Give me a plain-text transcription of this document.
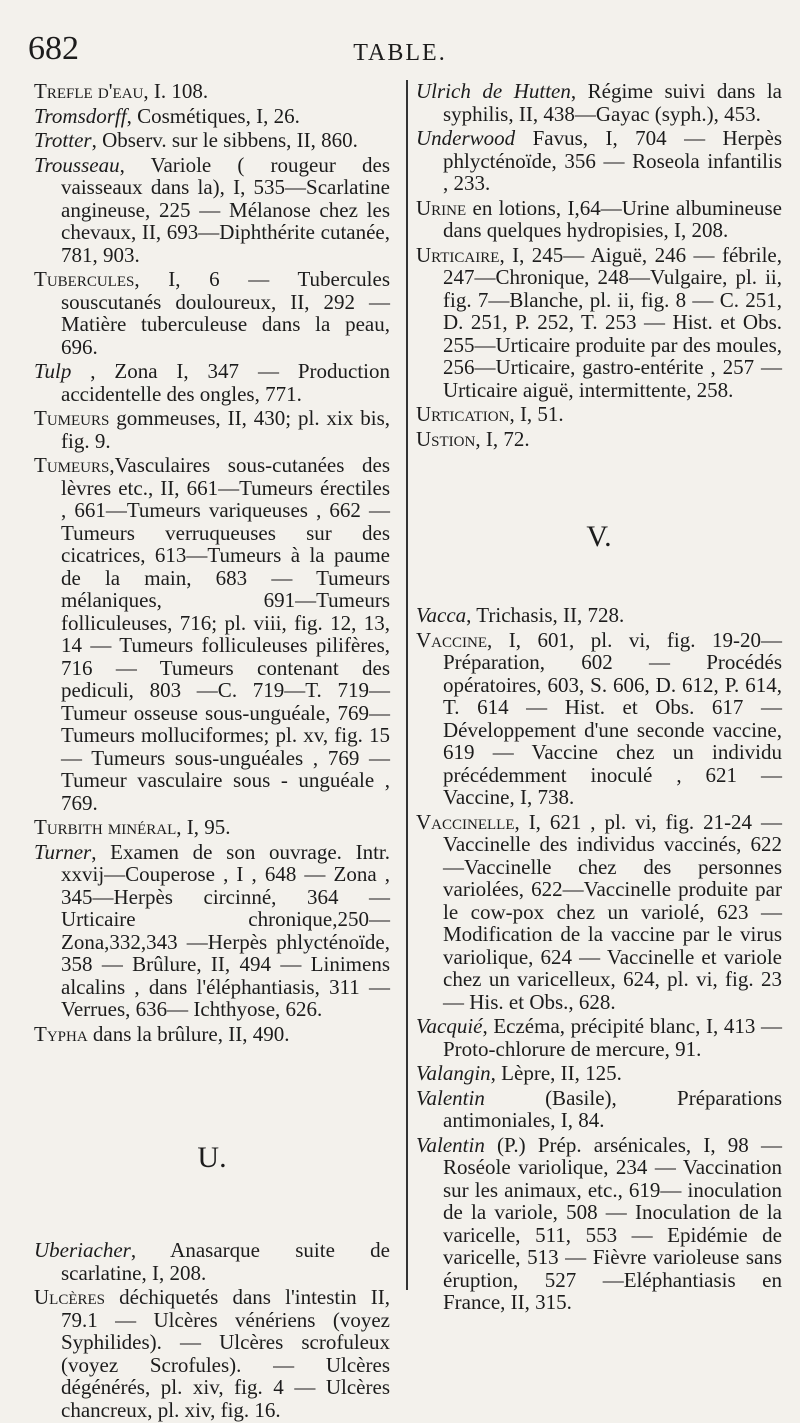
682	TABLE.
Trefle d'eau, I. 108.
Tromsdorff, Cosmétiques, I, 26.
Trotter, Observ. sur le sibbens, II, 860.
Trousseau, Variole ( rougeur des vaisseaux dans la), I, 535—Scarlatine angineuse, 225 — Mélanose chez les chevaux, II, 693—Diphthérite cutanée, 781, 903.
Tubercules, I, 6 — Tubercules souscutanés douloureux, II, 292 — Matière tuberculeuse dans la peau, 696.
Tulp , Zona I, 347 — Production accidentelle des ongles, 771.
Tumeurs gommeuses, II, 430; pl. xix bis, fig. 9.
Tumeurs,Vasculaires sous-cutanées des lèvres etc., II, 661—Tumeurs érectiles , 661—Tumeurs variqueuses , 662 —Tumeurs verruqueuses sur des cicatrices, 613—Tumeurs à la paume de la main, 683 — Tumeurs mélaniques, 691—Tumeurs folliculeuses, 716; pl. viii, fig. 12, 13, 14 — Tumeurs folliculeuses pilifères, 716 — Tumeurs contenant des pediculi, 803 —C. 719—T. 719—Tumeur osseuse sous-unguéale, 769—Tumeurs molluciformes; pl. xv, fig. 15 — Tumeurs sous-unguéales , 769 — Tumeur vasculaire sous - unguéale , 769.
Turbith minéral, I, 95.
Turner, Examen de son ouvrage. Intr. xxvij—Couperose , I , 648 — Zona , 345—Herpès circinné, 364 — Urticaire chronique,250—Zona,332,343 —Herpès phlycténoïde, 358 — Brûlure, II, 494 — Linimens alcalins , dans l'éléphantiasis, 311 — Verrues, 636— Ichthyose, 626.
Typha dans la brûlure, II, 490.
U.
Uberiacher, Anasarque suite de scarlatine, I, 208.
Ulcères déchiquetés dans l'intestin II, 79.1 — Ulcères vénériens (voyez Syphilides). — Ulcères scrofuleux (voyez Scrofules). — Ulcères dégénérés, pl. xiv, fig. 4 — Ulcères chancreux, pl. xiv, fig. 16.
Ulrich de Hutten, Régime suivi dans la syphilis, II, 438—Gayac (syph.), 453.
Underwood Favus, I, 704 — Herpès phlycténoïde, 356 — Roseola infantilis , 233.
Urine en lotions, I,64—Urine albumineuse dans quelques hydropisies, I, 208.
Urticaire, I, 245— Aiguë, 246 — fébrile, 247—Chronique, 248—Vulgaire, pl. ii, fig. 7—Blanche, pl. ii, fig. 8 — C. 251, D. 251, P. 252, T. 253 — Hist. et Obs. 255—Urticaire produite par des moules, 256—Urticaire, gastro-entérite , 257 — Urticaire aiguë, intermittente, 258.
Urtication, I, 51.
Ustion, I, 72.
V.
Vacca, Trichasis, II, 728.
Vaccine, I, 601, pl. vi, fig. 19-20—Préparation, 602 — Procédés opératoires, 603, S. 606, D. 612, P. 614, T. 614 — Hist. et Obs. 617 — Développement d'une seconde vaccine, 619 — Vaccine chez un individu précédemment inoculé , 621 — Vaccine, I, 738.
Vaccinelle, I, 621 , pl. vi, fig. 21-24 —Vaccinelle des individus vaccinés, 622—Vaccinelle chez des personnes variolées, 622—Vaccinelle produite par le cow-pox chez un variolé, 623 — Modification de la vaccine par le virus variolique, 624 — Vaccinelle et variole chez un varicelleux, 624, pl. vi, fig. 23 — His. et Obs., 628.
Vacquié, Eczéma, précipité blanc, I, 413 —Proto-chlorure de mercure, 91.
Valangin, Lèpre, II, 125.
Valentin (Basile), Préparations antimoniales, I, 84.
Valentin (P.) Prép. arsénicales, I, 98 — Roséole variolique, 234 — Vaccination sur les animaux, etc., 619— inoculation de la variole, 508 — Inoculation de la varicelle, 511, 553 — Epidémie de varicelle, 513 — Fièvre varioleuse sans éruption, 527 —Eléphantiasis en France, II, 315.
